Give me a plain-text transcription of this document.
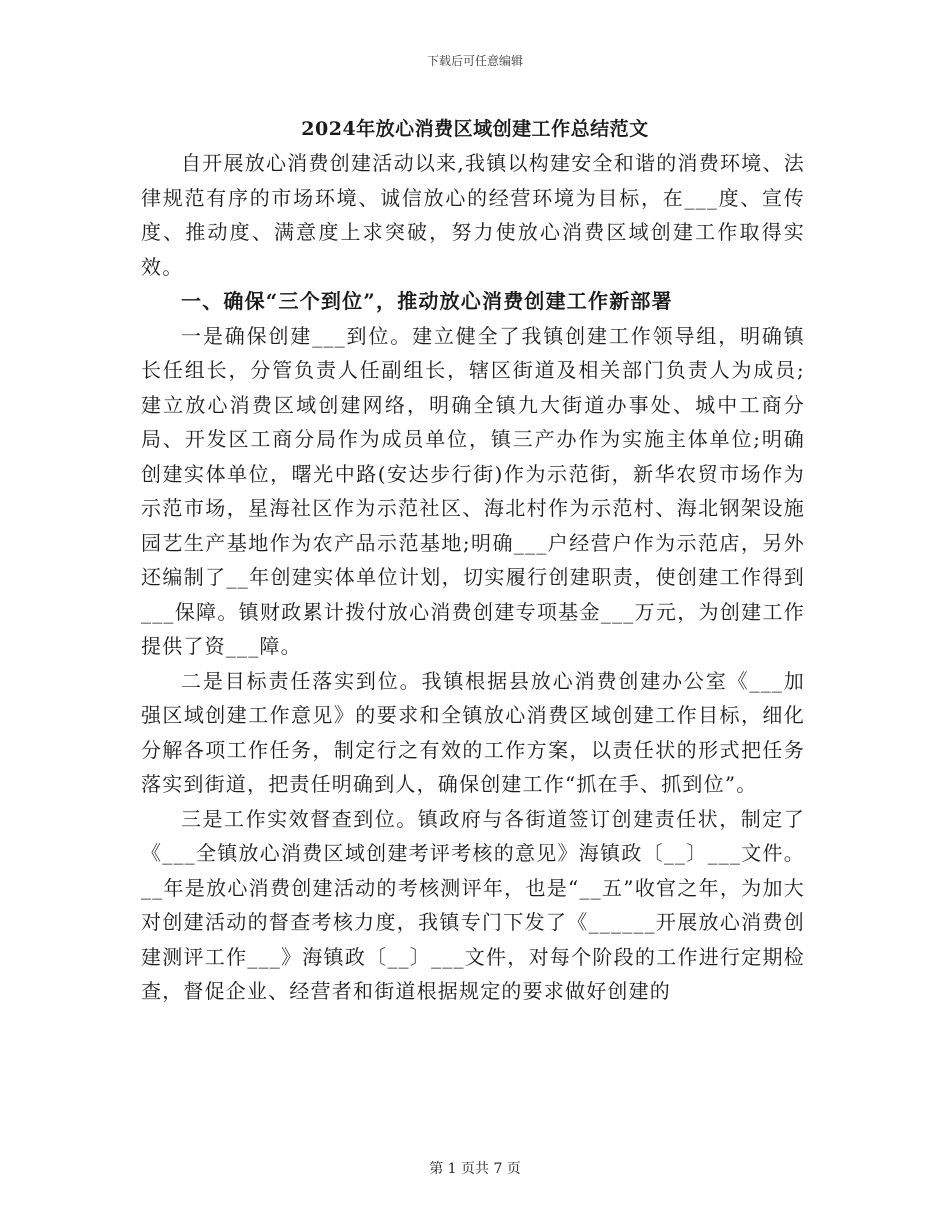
下载后可任意编辑
2024年放心消费区域创建工作总结范文

自开展放心消费创建活动以来,我镇以构建安全和谐的消费环境、法律规范有序的市场环境、诚信放心的经营环境为目标，在___度、宣传度、推动度、满意度上求突破，努力使放心消费区域创建工作取得实效。

一、确保“三个到位”，推动放心消费创建工作新部署

一是确保创建___到位。建立健全了我镇创建工作领导组，明确镇长任组长，分管负责人任副组长，辖区街道及相关部门负责人为成员;建立放心消费区域创建网络，明确全镇九大街道办事处、城中工商分局、开发区工商分局作为成员单位，镇三产办作为实施主体单位;明确创建实体单位，曙光中路(安达步行街)作为示范街，新华农贸市场作为示范市场，星海社区作为示范社区、海北村作为示范村、海北钢架设施园艺生产基地作为农产品示范基地;明确___户经营户作为示范店，另外还编制了__年创建实体单位计划，切实履行创建职责，使创建工作得到___保障。镇财政累计拨付放心消费创建专项基金___万元，为创建工作提供了资___障。

二是目标责任落实到位。我镇根据县放心消费创建办公室《___加强区域创建工作意见》的要求和全镇放心消费区域创建工作目标，细化分解各项工作任务，制定行之有效的工作方案，以责任状的形式把任务落实到街道，把责任明确到人，确保创建工作“抓在手、抓到位”。

三是工作实效督查到位。镇政府与各街道签订创建责任状，制定了《___全镇放心消费区域创建考评考核的意见》海镇政〔__〕___文件。__年是放心消费创建活动的考核测评年，也是“__五”收官之年，为加大对创建活动的督查考核力度，我镇专门下发了《______开展放心消费创建测评工作___》海镇政〔__〕___文件，对每个阶段的工作进行定期检查，督促企业、经营者和街道根据规定的要求做好创建的

第 1 页共 7 页
